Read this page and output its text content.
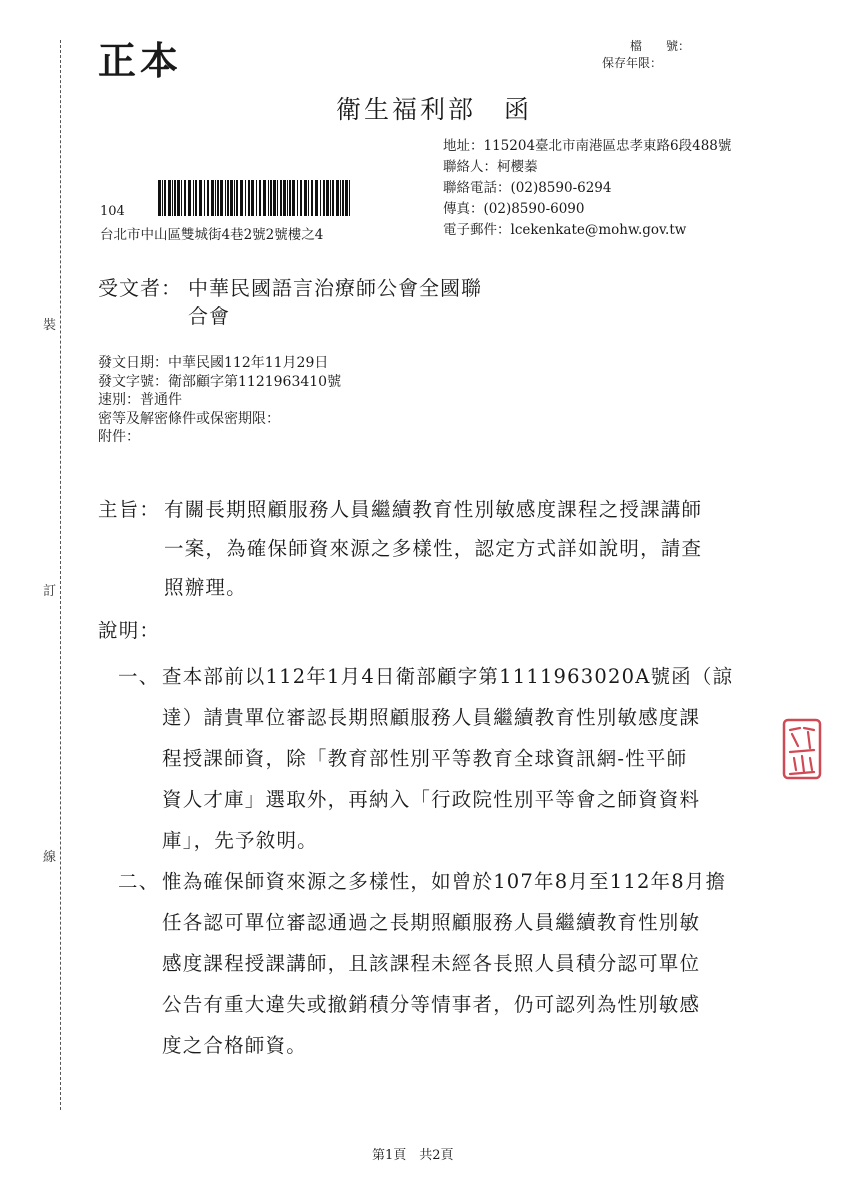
裝
訂
線
正本	檔　　號：
保存年限：
衛生福利部　函
地址：115204臺北市南港區忠孝東路6段488號
聯絡人：柯櫻蓁
聯絡電話：(02)8590-6294
傳真：(02)8590-6090
電子郵件：lcekenkate@mohw.gov.tw
104
台北市中山區雙城街4巷2號2號樓之4
受文者： 中華民國語言治療師公會全國聯
合會
發文日期：中華民國112年11月29日
發文字號：衛部顧字第1121963410號
速別：普通件
密等及解密條件或保密期限：
附件：
主旨： 有關長期照顧服務人員繼續教育性別敏感度課程之授課講師
一案，為確保師資來源之多樣性，認定方式詳如說明，請查
照辦理。
說明：
一、 查本部前以112年1月4日衛部顧字第1111963020A號函（諒
達）請貴單位審認長期照顧服務人員繼續教育性別敏感度課
程授課師資，除「教育部性別平等教育全球資訊網-性平師
資人才庫」選取外，再納入「行政院性別平等會之師資資料
庫」，先予敘明。
二、 惟為確保師資來源之多樣性，如曾於107年8月至112年8月擔
任各認可單位審認通過之長期照顧服務人員繼續教育性別敏
感度課程授課講師，且該課程未經各長照人員積分認可單位
公告有重大違失或撤銷積分等情事者，仍可認列為性別敏感
度之合格師資。
第1頁　共2頁
